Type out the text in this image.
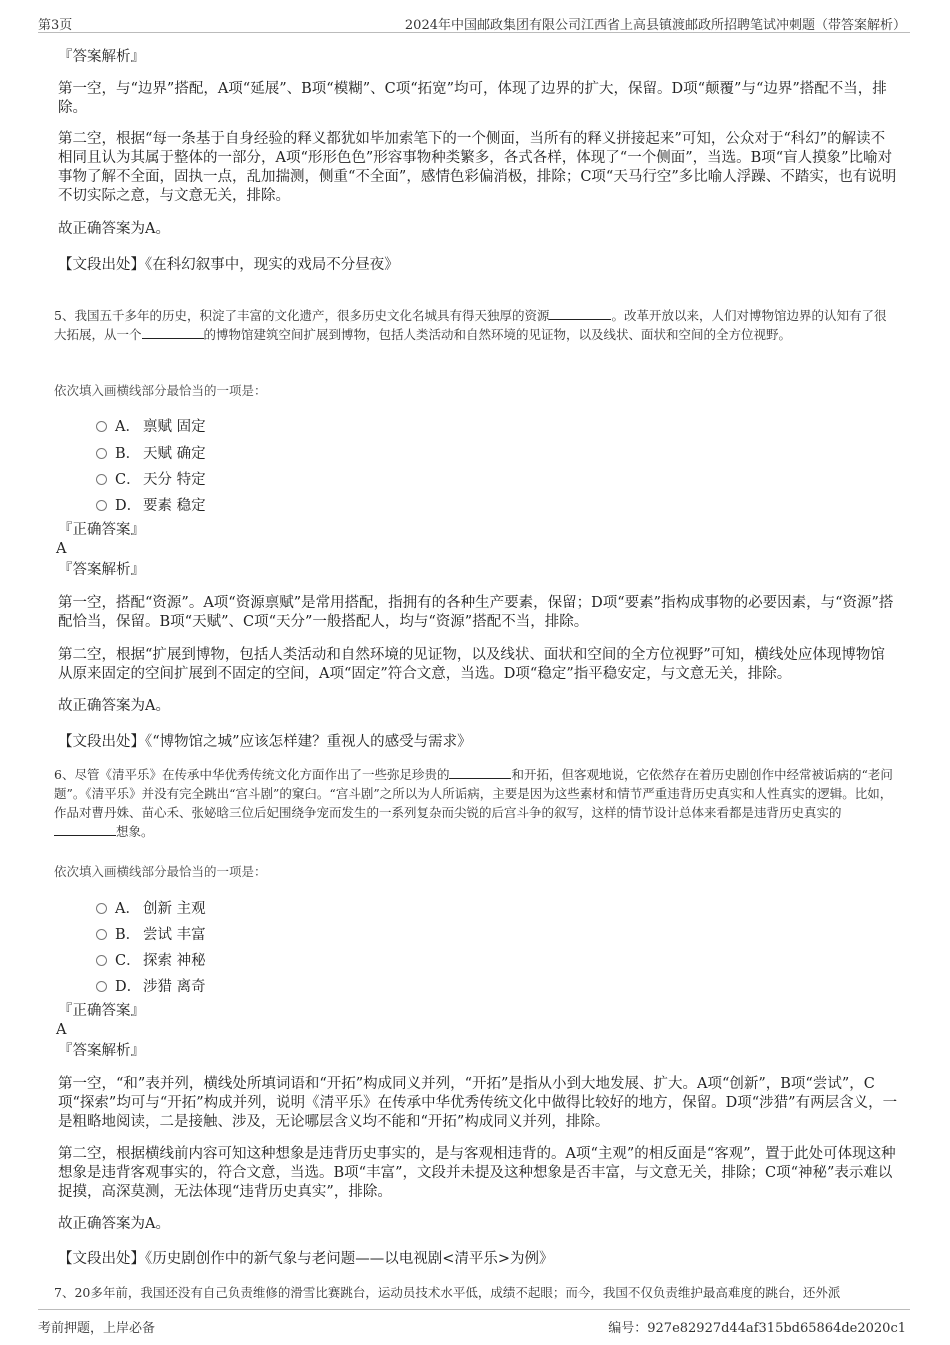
第3页	2024年中国邮政集团有限公司江西省上高县镇渡邮政所招聘笔试冲刺题（带答案解析）
『答案解析』
第一空，与“边界”搭配，A项“延展”、B项“模糊”、C项“拓宽”均可，体现了边界的扩大，保留。D项“颠覆”与“边界”搭配不当，排除。
第二空，根据“每一条基于自身经验的释义都犹如毕加索笔下的一个侧面，当所有的释义拼接起来”可知，公众对于“科幻”的解读不相同且认为其属于整体的一部分，A项“形形色色”形容事物种类繁多，各式各样，体现了“一个侧面”，当选。B项“盲人摸象”比喻对事物了解不全面，固执一点，乱加揣测，侧重“不全面”，感情色彩偏消极，排除；C项“天马行空”多比喻人浮躁、不踏实，也有说明不切实际之意，与文意无关，排除。
故正确答案为A。
【文段出处】《在科幻叙事中，现实的戏局不分昼夜》
5、我国五千多年的历史，积淀了丰富的文化遗产，很多历史文化名城具有得天独厚的资源	。改革开放以来，人们对博物馆边界的认知有了很大拓展，从一个	的博物馆建筑空间扩展到博物，包括人类活动和自然环境的见证物，以及线状、面状和空间的全方位视野。
依次填入画横线部分最恰当的一项是：
A． 禀赋 固定
B． 天赋 确定
C． 天分 特定
D． 要素 稳定
『正确答案』
A
『答案解析』
第一空，搭配“资源”。A项“资源禀赋”是常用搭配，指拥有的各种生产要素，保留；D项“要素”指构成事物的必要因素，与“资源”搭配恰当，保留。B项“天赋”、C项“天分”一般搭配人，均与“资源”搭配不当，排除。
第二空，根据“扩展到博物，包括人类活动和自然环境的见证物，以及线状、面状和空间的全方位视野”可知，横线处应体现博物馆从原来固定的空间扩展到不固定的空间，A项“固定”符合文意，当选。D项“稳定”指平稳安定，与文意无关，排除。
故正确答案为A。
【文段出处】《“博物馆之城”应该怎样建？重视人的感受与需求》
6、尽管《清平乐》在传承中华优秀传统文化方面作出了一些弥足珍贵的	和开拓，但客观地说，它依然存在着历史剧创作中经常被诟病的“老问题”。《清平乐》并没有完全跳出“宫斗剧”的窠臼。“宫斗剧”之所以为人所诟病，主要是因为这些素材和情节严重违背历史真实和人性真实的逻辑。比如，作品对曹丹姝、苗心禾、张妼晗三位后妃围绕争宠而发生的一系列复杂而尖锐的后宫斗争的叙写，这样的情节设计总体来看都是违背历史真实的想象。
依次填入画横线部分最恰当的一项是：
A． 创新 主观
B． 尝试 丰富
C． 探索 神秘
D． 涉猎 离奇
『正确答案』
A
『答案解析』
第一空，“和”表并列，横线处所填词语和“开拓”构成同义并列，“开拓”是指从小到大地发展、扩大。A项“创新”，B项“尝试”，C项“探索”均可与“开拓”构成并列，说明《清平乐》在传承中华优秀传统文化中做得比较好的地方，保留。D项“涉猎”有两层含义，一是粗略地阅读，二是接触、涉及，无论哪层含义均不能和“开拓”构成同义并列，排除。
第二空，根据横线前内容可知这种想象是违背历史事实的，是与客观相违背的。A项“主观”的相反面是“客观”，置于此处可体现这种想象是违背客观事实的，符合文意，当选。B项“丰富”，文段并未提及这种想象是否丰富，与文意无关，排除；C项“神秘”表示难以捉摸，高深莫测，无法体现“违背历史真实”，排除。
故正确答案为A。
【文段出处】《历史剧创作中的新气象与老问题——以电视剧<清平乐>为例》
7、20多年前，我国还没有自己负责维修的滑雪比赛跳台，运动员技术水平低，成绩不起眼；而今，我国不仅负责维护最高难度的跳台，还外派
考前押题，上岸必备	编号：927e82927d44af315bd65864de2020c1
